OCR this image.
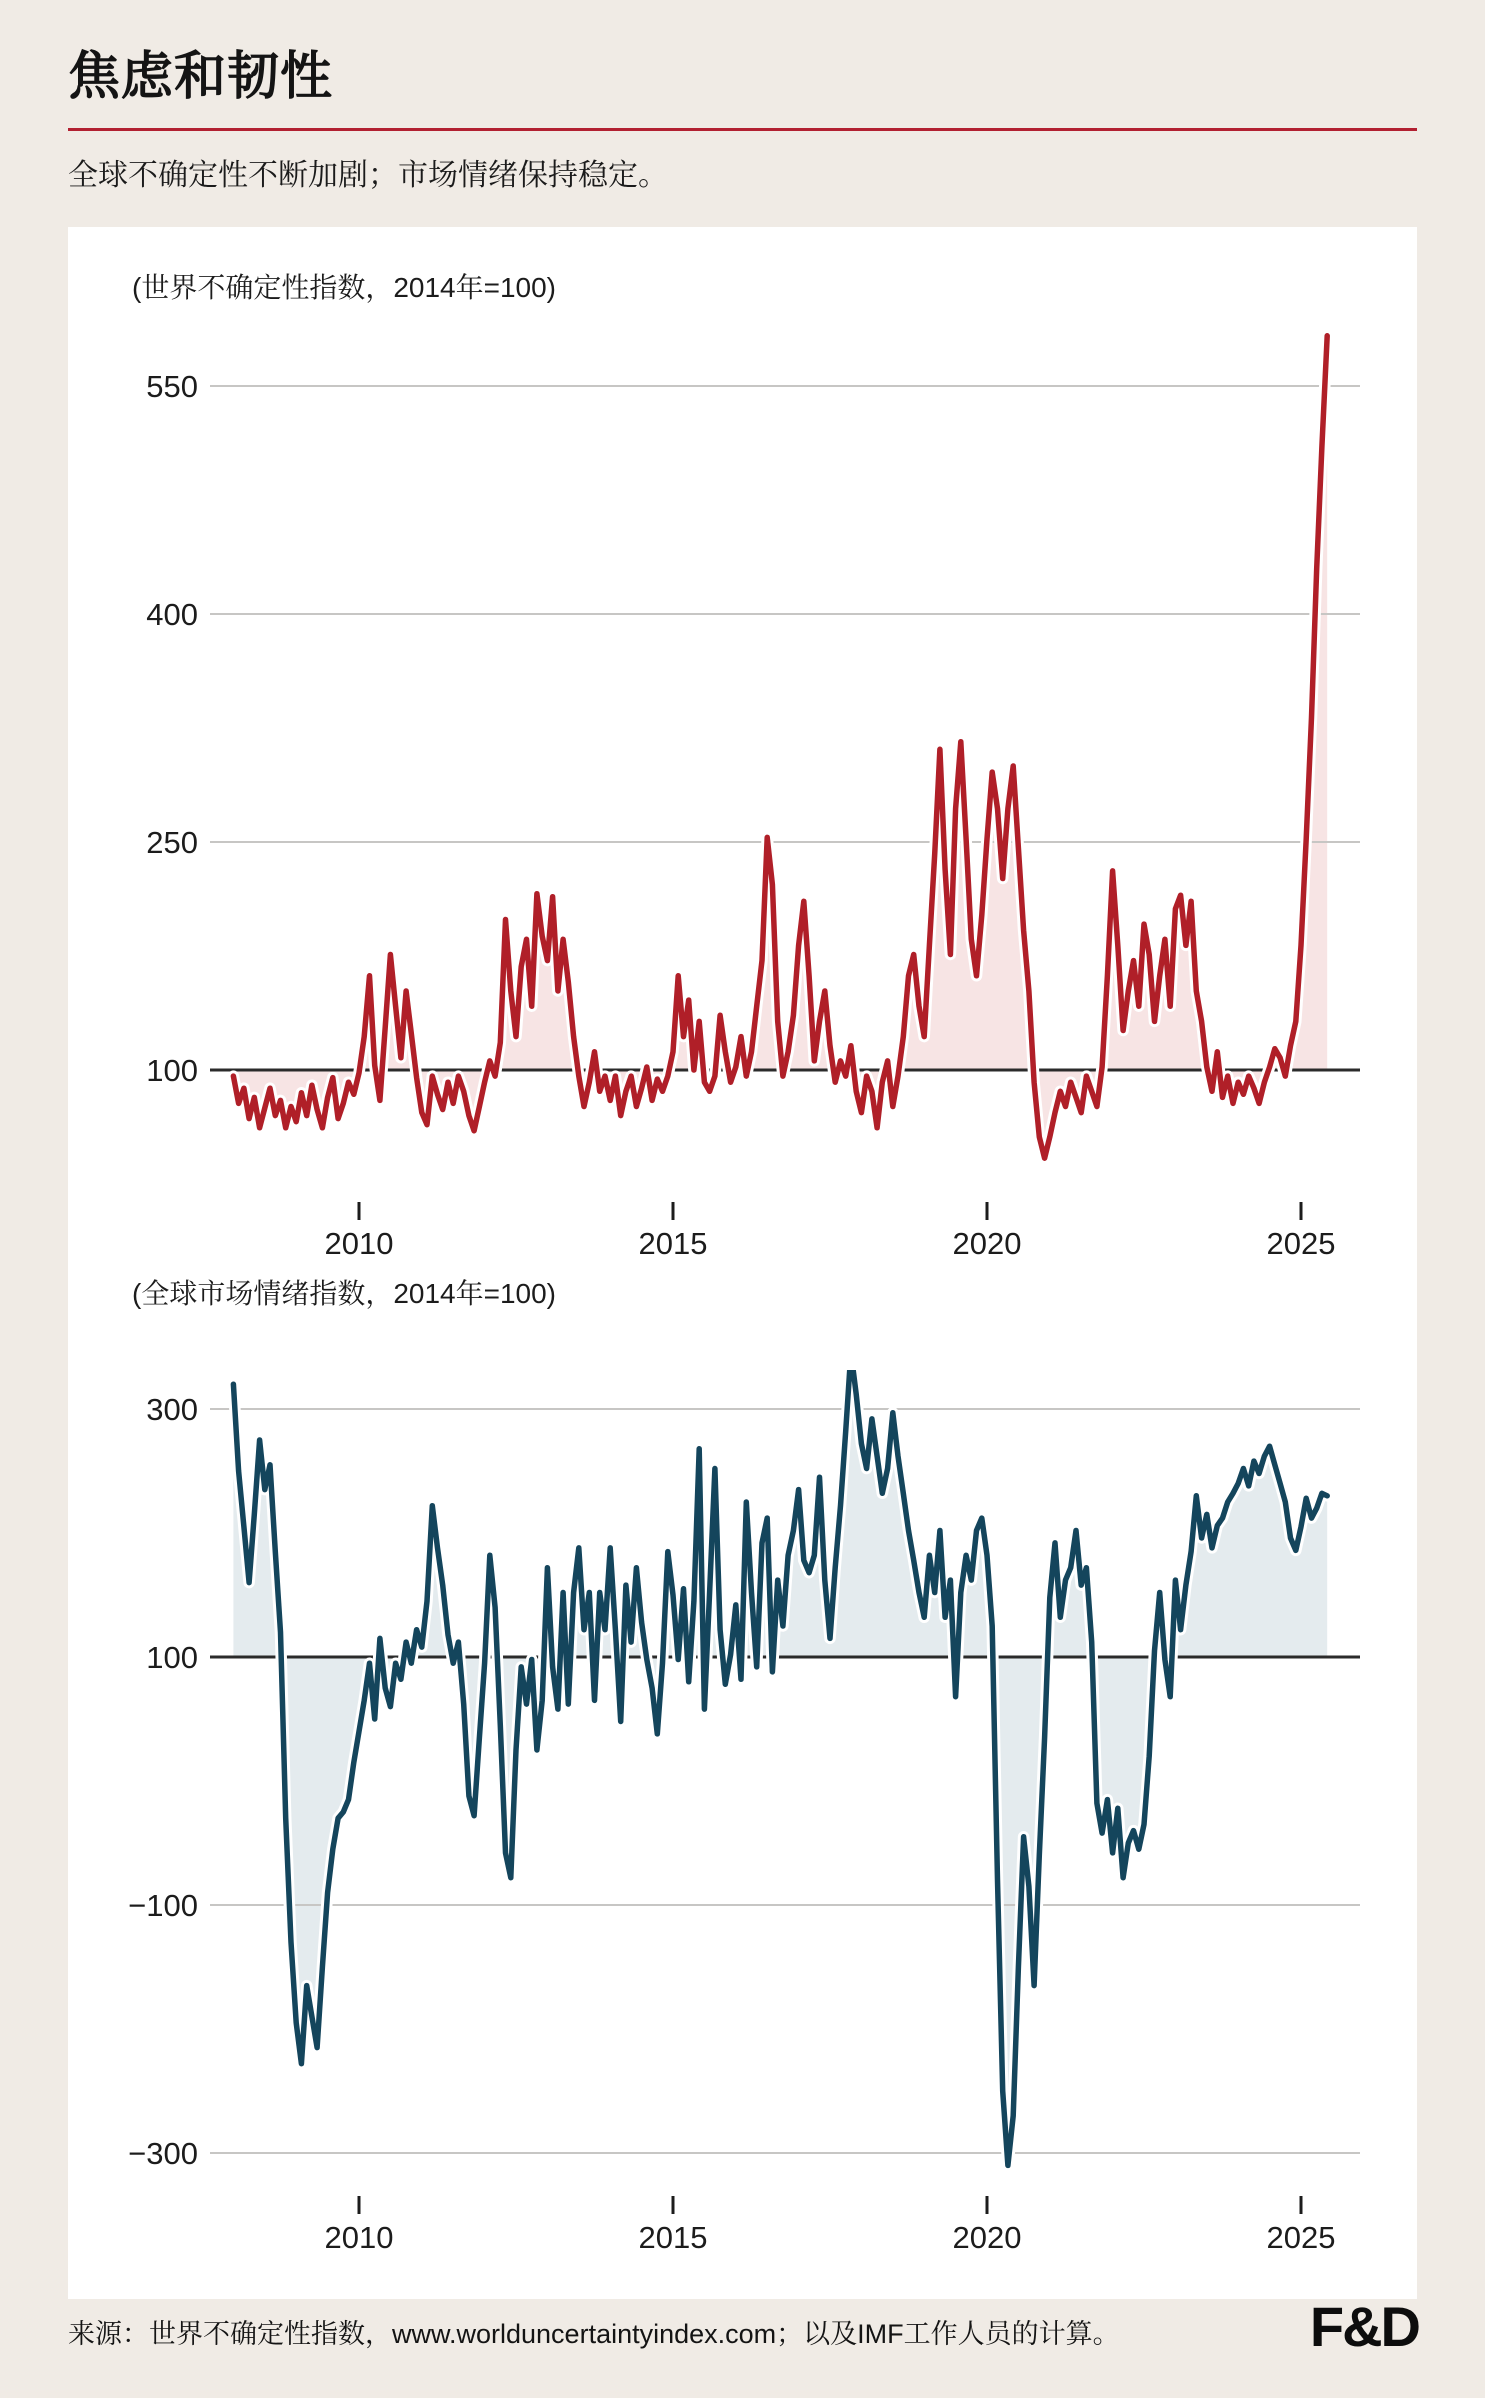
焦虑和韧性
全球不确定性不断加剧；市场情绪保持稳定。
(世界不确定性指数，2014年=100)
550
400
250
100
2010	2015	2020	2025
(全球市场情绪指数，2014年=100)
300
100
−100
−300
2010	2015	2020	2025
来源：世界不确定性指数，www.worlduncertaintyindex.com；以及IMF工作人员的计算。	F&D
